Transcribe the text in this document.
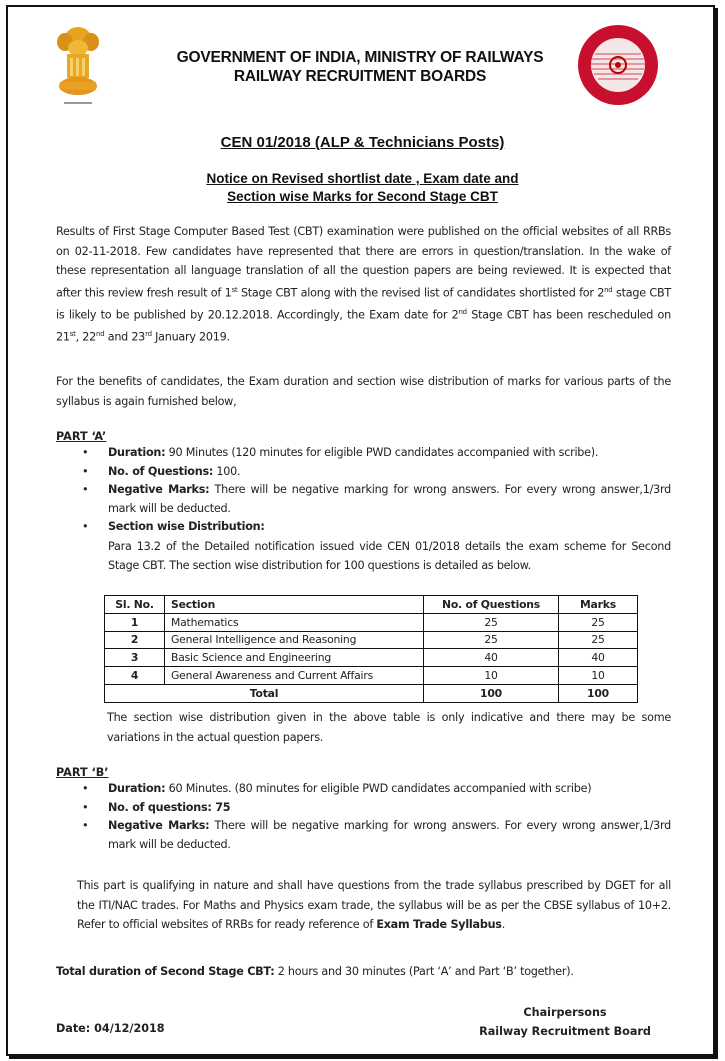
GOVERNMENT OF INDIA, MINISTRY OF RAILWAYS
RAILWAY RECRUITMENT BOARDS
CEN 01/2018 (ALP & Technicians Posts)
Notice on Revised shortlist date , Exam date and
Section wise Marks for Second Stage CBT
Results of First Stage Computer Based Test (CBT) examination were published on the official websites of all RRBs on 02-11-2018. Few candidates have represented that there are errors in question/translation. In the wake of these representation all language translation of all the question papers are being reviewed. It is expected that after this review fresh result of 1st Stage CBT along with the revised list of candidates shortlisted for 2nd stage CBT is likely to be published by 20.12.2018. Accordingly, the Exam date for 2nd Stage CBT has been rescheduled on 21st, 22nd and 23rd January 2019.
For the benefits of candidates, the Exam duration and section wise distribution of marks for various parts of the syllabus is again furnished below,
PART ‘A’
• Duration: 90 Minutes (120 minutes for eligible PWD candidates accompanied with scribe).
• No. of Questions: 100.
• Negative Marks: There will be negative marking for wrong answers. For every wrong answer,1/3rd mark will be deducted.
• Section wise Distribution:

Para 13.2 of the Detailed notification issued vide CEN 01/2018 details the exam scheme for Second Stage CBT. The section wise distribution for 100 questions is detailed as below.
Sl. No.	Section	No. of Questions	Marks
1	Mathematics	25	25
2	General Intelligence and Reasoning	25	25
3	Basic Science and Engineering	40	40
4	General Awareness and Current Affairs	10	10
Total		100	100
The section wise distribution given in the above table is only indicative and there may be some variations in the actual question papers.
PART ‘B’
• Duration: 60 Minutes. (80 minutes for eligible PWD candidates accompanied with scribe)
• No. of questions: 75
• Negative Marks: There will be negative marking for wrong answers. For every wrong answer,1/3rd mark will be deducted.
This part is qualifying in nature and shall have questions from the trade syllabus prescribed by DGET for all the ITI/NAC trades. For Maths and Physics exam trade, the syllabus will be as per the CBSE syllabus of 10+2. Refer to official websites of RRBs for ready reference of Exam Trade Syllabus.
Total duration of Second Stage CBT: 2 hours and 30 minutes (Part ‘A’ and Part ‘B’ together).
Chairpersons
Railway Recruitment Board
Date: 04/12/2018
